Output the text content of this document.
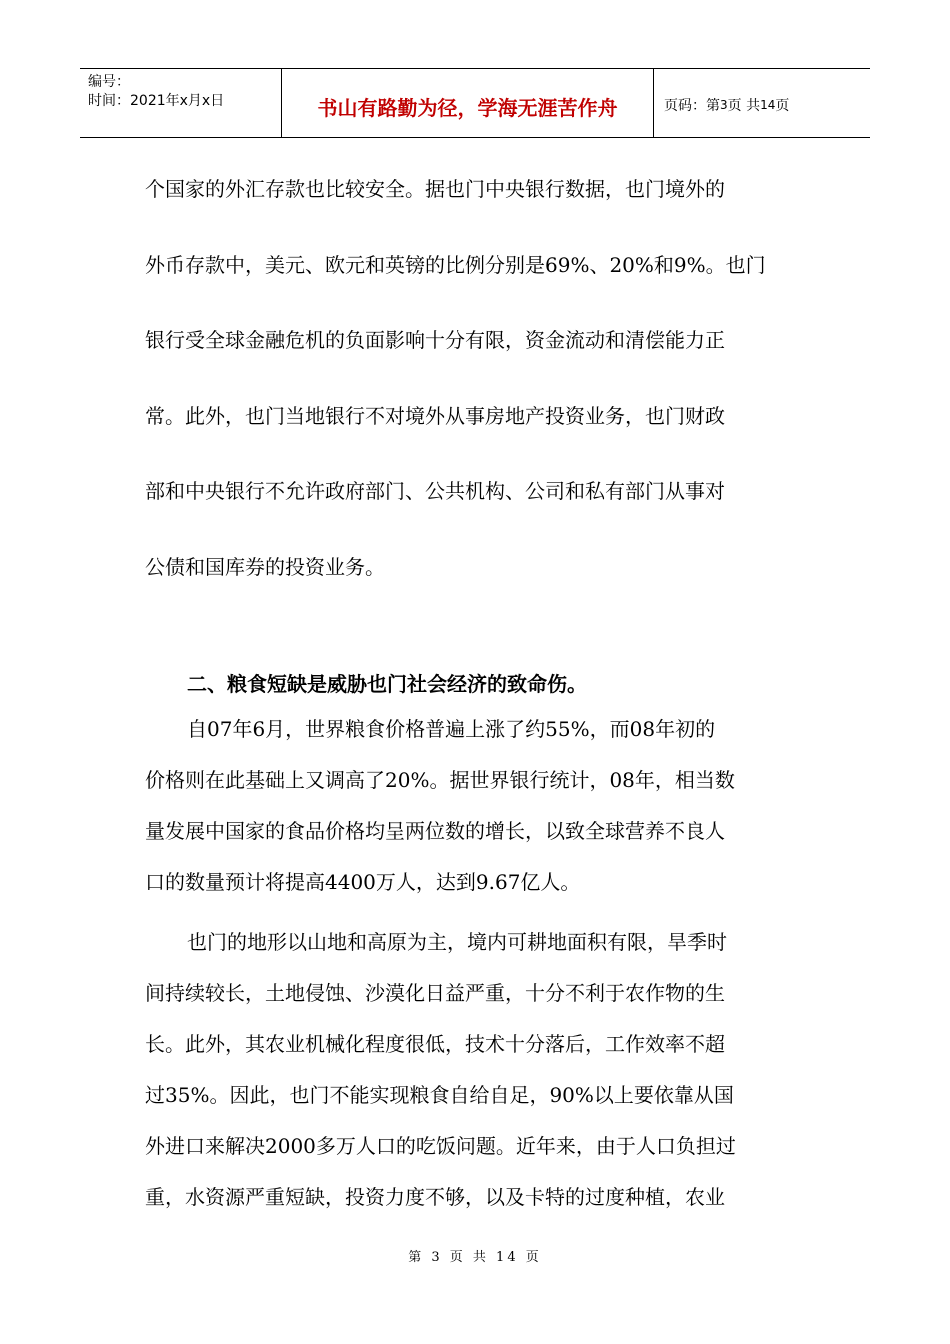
编号：
时间：2021年x月x日	书山有路勤为径，学海无涯苦作舟	页码：第 3 页 共 14 页

个国家的外汇存款也比较安全。据也门中央银行数据，也门境外的
外币存款中，美元、欧元和英镑的比例分别是69%、20%和9%。也门
银行受全球金融危机的负面影响十分有限，资金流动和清偿能力正
常。此外，也门当地银行不对境外从事房地产投资业务，也门财政
部和中央银行不允许政府部门、公共机构、公司和私有部门从事对
公债和国库券的投资业务。

二、粮食短缺是威胁也门社会经济的致命伤。

自07年6月，世界粮食价格普遍上涨了约55%，而08年初的
价格则在此基础上又调高了20%。据世界银行统计，08年，相当数
量发展中国家的食品价格均呈两位数的增长，以致全球营养不良人
口的数量预计将提高4400万人，达到9.67亿人。

也门的地形以山地和高原为主，境内可耕地面积有限，旱季时
间持续较长，土地侵蚀、沙漠化日益严重，十分不利于农作物的生
长。此外，其农业机械化程度很低，技术十分落后，工作效率不超
过35%。因此，也门不能实现粮食自给自足，90%以上要依靠从国
外进口来解决2000多万人口的吃饭问题。近年来，由于人口负担过
重，水资源严重短缺，投资力度不够，以及卡特的过度种植，农业

第 3 页 共 14 页
